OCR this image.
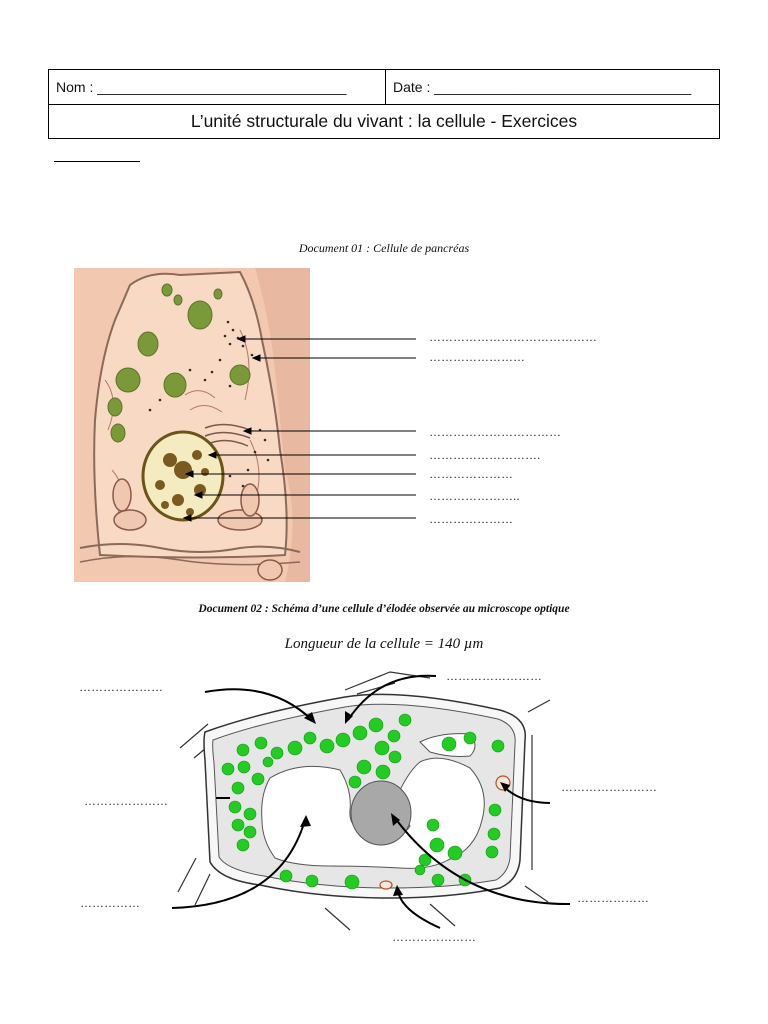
Nom : ________________________________	Date : _________________________________
L’unité structurale du vivant : la cellule - Exercices
Document 01 : Cellule de pancréas
……………………………………
……………………
……………………………
……………………….
…………………
…………………..
…………………
Document 02 : Schéma d’une cellule d’élodée observée au microscope optique
Longueur de la cellule = 140 µm
…………………
……………………
…………………
……………………
……………	………………
…………………
